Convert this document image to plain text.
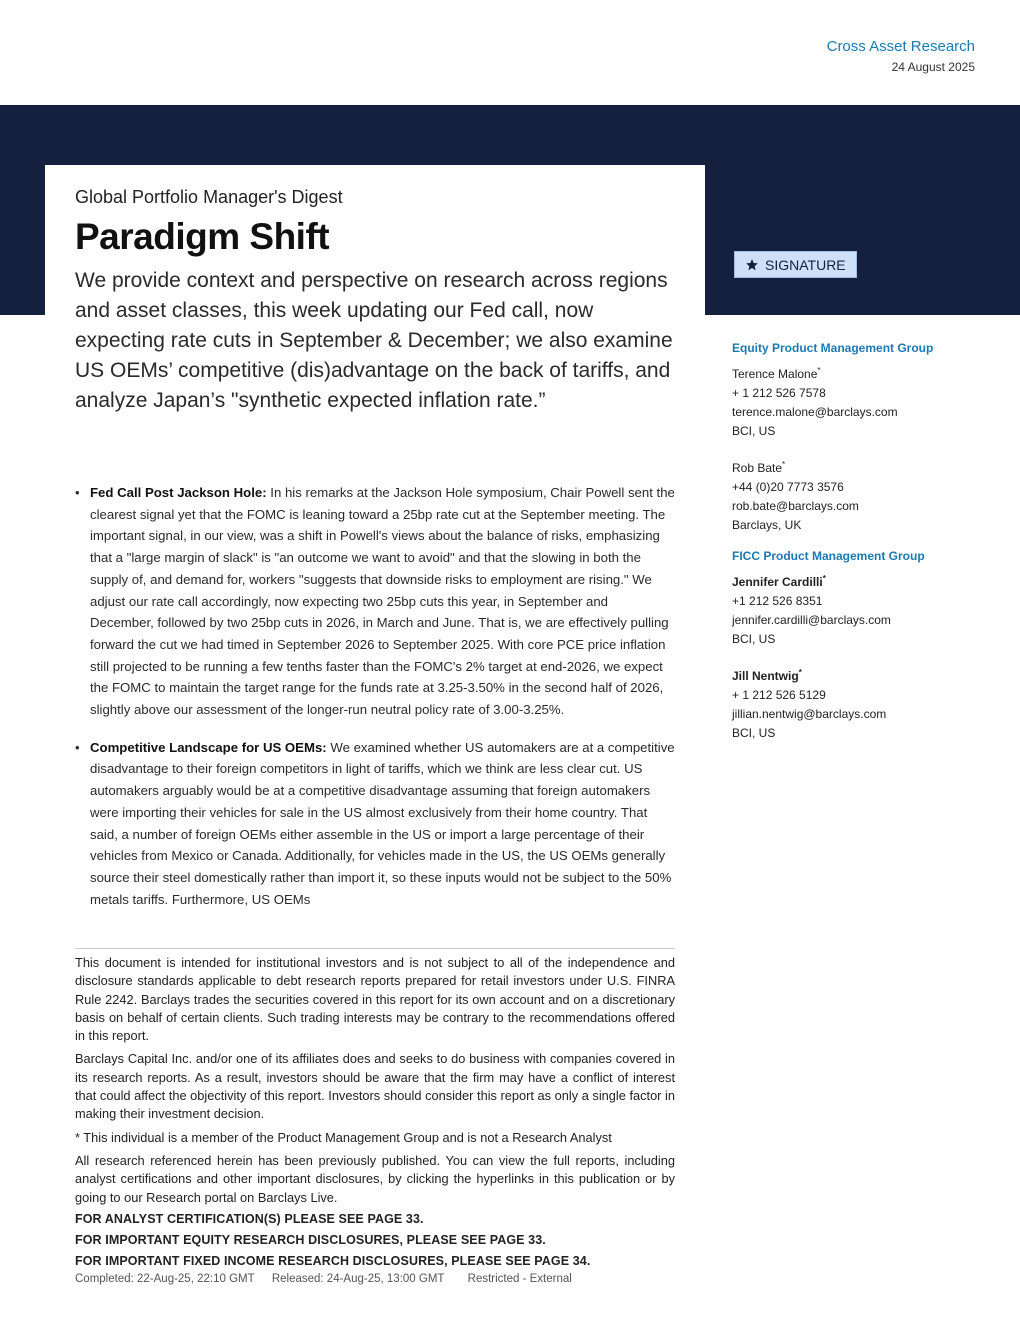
Cross Asset Research
24 August 2025
Global Portfolio Manager's Digest
Paradigm Shift
We provide context and perspective on research across regions and asset classes, this week updating our Fed call, now expecting rate cuts in September & December; we also examine US OEMs’ competitive (dis)advantage on the back of tariffs, and analyze Japan’s "synthetic expected inflation rate.”
SIGNATURE
• Fed Call Post Jackson Hole: In his remarks at the Jackson Hole symposium, Chair Powell sent the clearest signal yet that the FOMC is leaning toward a 25bp rate cut at the September meeting. The important signal, in our view, was a shift in Powell's views about the balance of risks, emphasizing that a "large margin of slack" is "an outcome we want to avoid" and that the slowing in both the supply of, and demand for, workers "suggests that downside risks to employment are rising." We adjust our rate call accordingly, now expecting two 25bp cuts this year, in September and December, followed by two 25bp cuts in 2026, in March and June. That is, we are effectively pulling forward the cut we had timed in September 2026 to September 2025. With core PCE price inflation still projected to be running a few tenths faster than the FOMC's 2% target at end-2026, we expect the FOMC to maintain the target range for the funds rate at 3.25-3.50% in the second half of 2026, slightly above our assessment of the longer-run neutral policy rate of 3.00-3.25%.
• Competitive Landscape for US OEMs: We examined whether US automakers are at a competitive disadvantage to their foreign competitors in light of tariffs, which we think are less clear cut. US automakers arguably would be at a competitive disadvantage assuming that foreign automakers were importing their vehicles for sale in the US almost exclusively from their home country. That said, a number of foreign OEMs either assemble in the US or import a large percentage of their vehicles from Mexico or Canada. Additionally, for vehicles made in the US, the US OEMs generally source their steel domestically rather than import it, so these inputs would not be subject to the 50% metals tariffs. Furthermore, US OEMs

This document is intended for institutional investors and is not subject to all of the independence and disclosure standards applicable to debt research reports prepared for retail investors under U.S. FINRA Rule 2242. Barclays trades the securities covered in this report for its own account and on a discretionary basis on behalf of certain clients. Such trading interests may be contrary to the recommendations offered in this report.

Barclays Capital Inc. and/or one of its affiliates does and seeks to do business with companies covered in its research reports. As a result, investors should be aware that the firm may have a conflict of interest that could affect the objectivity of this report. Investors should consider this report as only a single factor in making their investment decision.

* This individual is a member of the Product Management Group and is not a Research Analyst

All research referenced herein has been previously published. You can view the full reports, including analyst certifications and other important disclosures, by clicking the hyperlinks in this publication or by going to our Research portal on Barclays Live.

FOR ANALYST CERTIFICATION(S) PLEASE SEE PAGE 33.
FOR IMPORTANT EQUITY RESEARCH DISCLOSURES, PLEASE SEE PAGE 33.
FOR IMPORTANT FIXED INCOME RESEARCH DISCLOSURES, PLEASE SEE PAGE 34.
Completed: 22-Aug-25, 22:10 GMT Released: 24-Aug-25, 13:00 GMT Restricted - External
Equity Product Management Group
Terence Malone*
+ 1 212 526 7578
terence.malone@barclays.com
BCI, US
Rob Bate*
+44 (0)20 7773 3576
rob.bate@barclays.com
Barclays, UK
FICC Product Management Group
Jennifer Cardilli*
+1 212 526 8351
jennifer.cardilli@barclays.com
BCI, US
Jill Nentwig*
+ 1 212 526 5129
jillian.nentwig@barclays.com
BCI, US
